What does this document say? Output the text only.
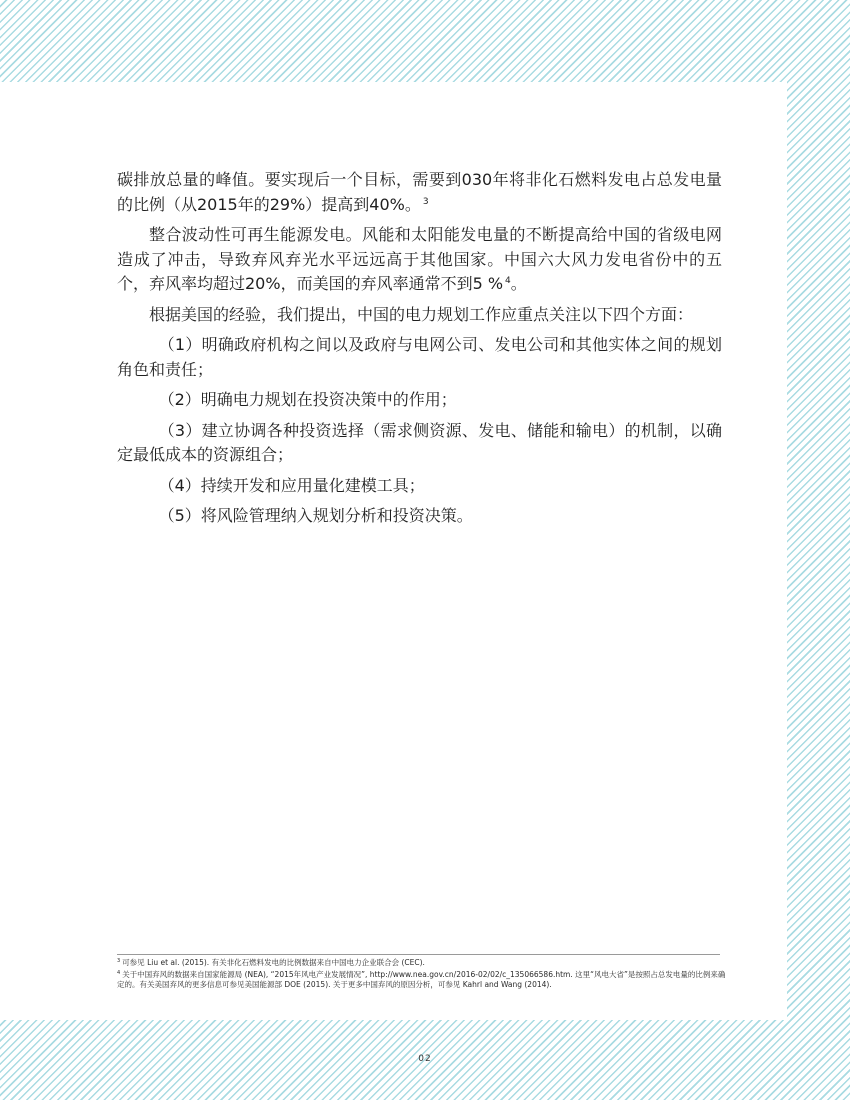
碳排放总量的峰值。要实现后一个目标，需要到030年将非化石燃料发电占总发电量的比例（从2015年的29%）提高到40%。 $^3$

整合波动性可再生能源发电。风能和太阳能发电量的不断提高给中国的省级电网造成了冲击，导致弃风弃光水平远远高于其他国家。中国六大风力发电省份中的五个，弃风率均超过20%，而美国的弃风率通常不到5 % $^4$。

根据美国的经验，我们提出，中国的电力规划工作应重点关注以下四个方面：

（1）明确政府机构之间以及政府与电网公司、发电公司和其他实体之间的规划角色和责任；

（2）明确电力规划在投资决策中的作用；

（3）建立协调各种投资选择（需求侧资源、发电、储能和输电）的机制，以确定最低成本的资源组合；

（4）持续开发和应用量化建模工具；

（5）将风险管理纳入规划分析和投资决策。

$^3$ 可参见 Liu et al. (2015). 有关非化石燃料发电的比例数据来自中国电力企业联合会 (CEC).

$^4$ 关于中国弃风的数据来自国家能源局 (NEA), “2015年风电产业发展情况”, http://www.nea.gov.cn/2016-02/02/c_135066586.htm. 这里“风电大省”是按照占总发电量的比例来确定的。有关美国弃风的更多信息可参见美国能源部 DOE (2015). 关于更多中国弃风的原因分析，可参见 Kahrl and Wang (2014).

02
